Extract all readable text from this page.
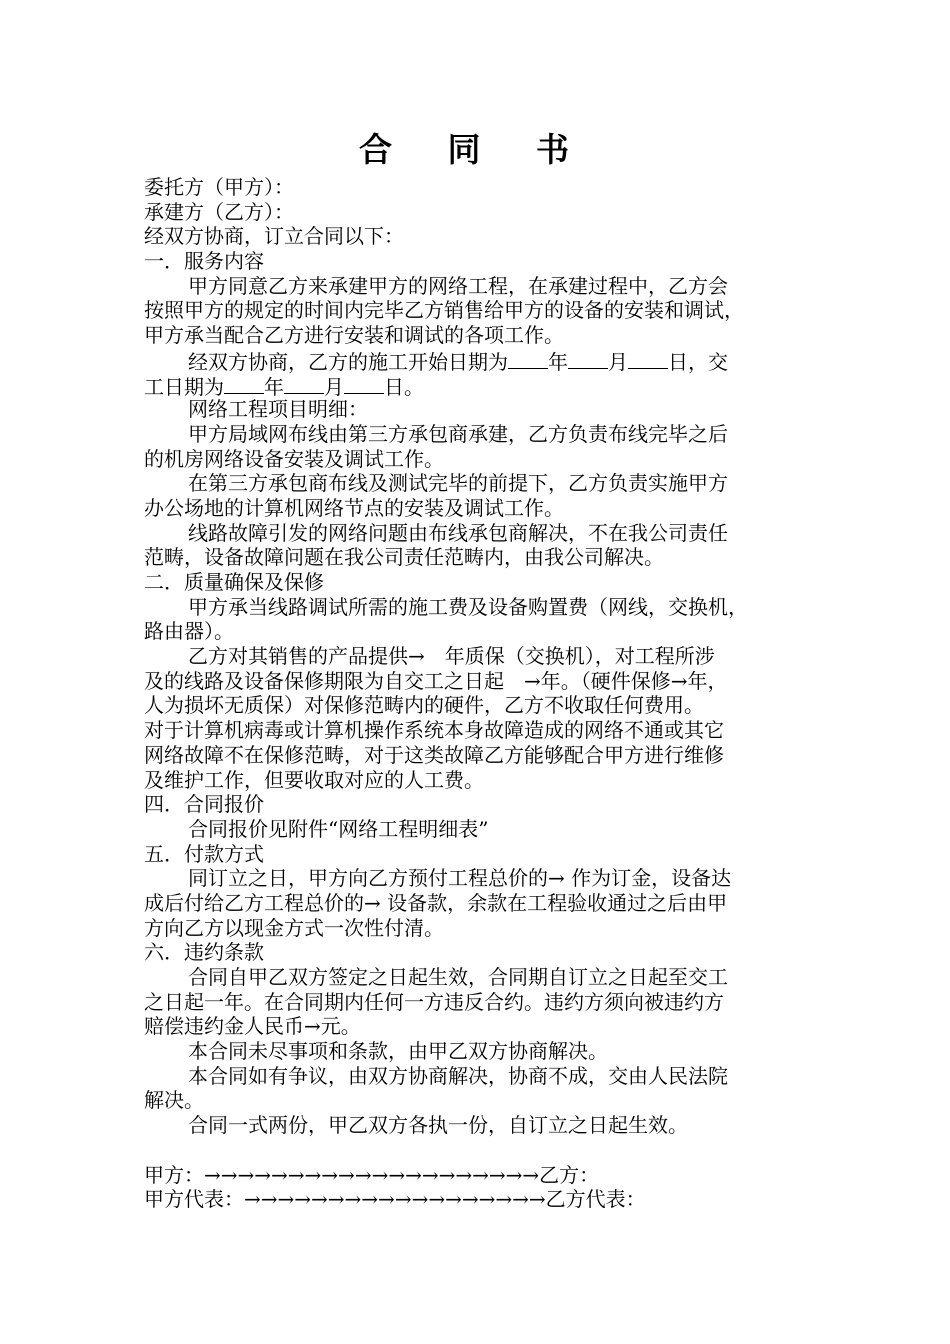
合 同 书
委托方（甲方）：
承建方（乙方）：
经双方协商，订立合同以下：
一．服务内容
甲方同意乙方来承建甲方的网络工程，在承建过程中，乙方会
按照甲方的规定的时间内完毕乙方销售给甲方的设备的安装和调试，
甲方承当配合乙方进行安装和调试的各项工作。
经双方协商，乙方的施工开始日期为 年 月 日，交
工日期为 年 月 日。
网络工程项目明细：
甲方局域网布线由第三方承包商承建，乙方负责布线完毕之后
的机房网络设备安装及调试工作。
在第三方承包商布线及测试完毕的前提下，乙方负责实施甲方
办公场地的计算机网络节点的安装及调试工作。
线路故障引发的网络问题由布线承包商解决，不在我公司责任
范畴，设备故障问题在我公司责任范畴内，由我公司解决。
二．质量确保及保修
甲方承当线路调试所需的施工费及设备购置费（网线，交换机，
路由器）。
乙方对其销售的产品提供→　年质保（交换机），对工程所涉
及的线路及设备保修期限为自交工之日起　→年。（硬件保修→年，
人为损坏无质保）对保修范畴内的硬件，乙方不收取任何费用。
对于计算机病毒或计算机操作系统本身故障造成的网络不通或其它
网络故障不在保修范畴，对于这类故障乙方能够配合甲方进行维修
及维护工作，但要收取对应的人工费。
四．合同报价
合同报价见附件“网络工程明细表”
五．付款方式
同订立之日，甲方向乙方预付工程总价的→ 作为订金，设备达
成后付给乙方工程总价的→ 设备款，余款在工程验收通过之后由甲
方向乙方以现金方式一次性付清。
六．违约条款
合同自甲乙双方签定之日起生效，合同期自订立之日起至交工
之日起一年。在合同期内任何一方违反合约。违约方须向被违约方
赔偿违约金人民币→元。
本合同未尽事项和条款，由甲乙双方协商解决。
本合同如有争议，由双方协商解决，协商不成，交由人民法院
解决。
合同一式两份，甲乙双方各执一份，自订立之日起生效。
甲方：→→→→→→→→→→→→→→→→→→→→乙方：
甲方代表：→→→→→→→→→→→→→→→→→→乙方代表：
